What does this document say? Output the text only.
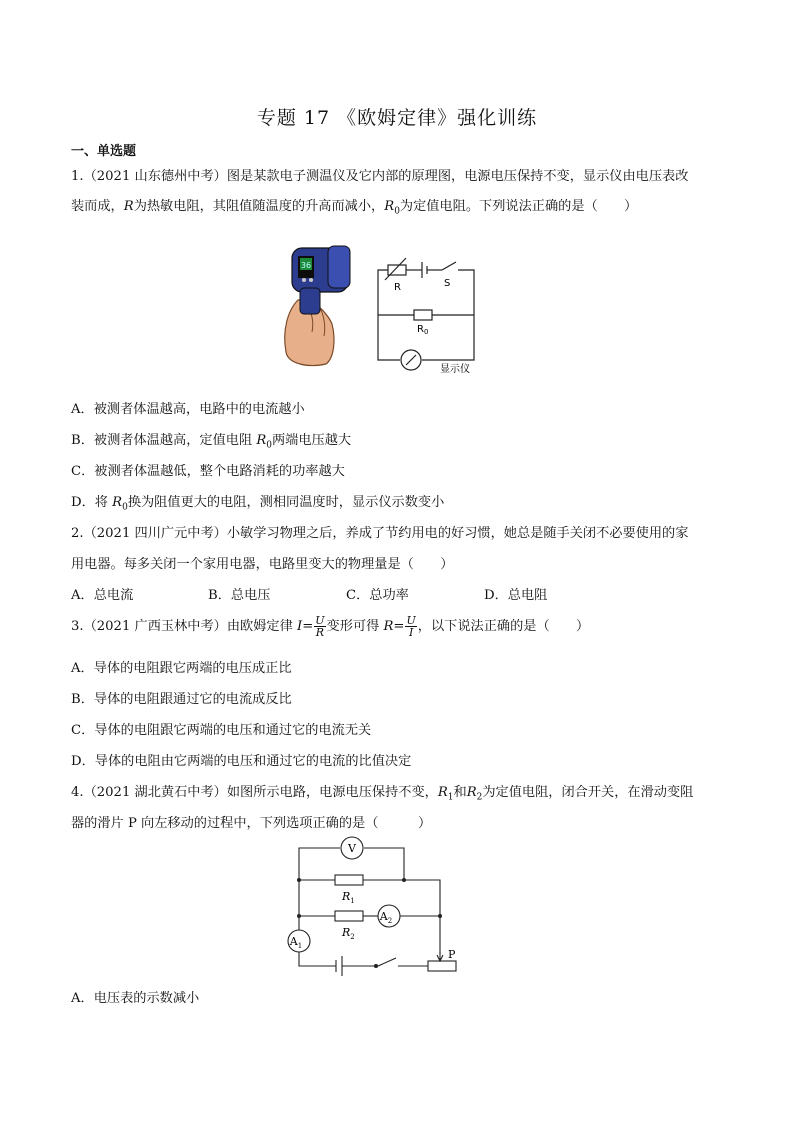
专题 17 《欧姆定律》强化训练
一、单选题
1.（2021 山东德州中考）图是某款电子测温仪及它内部的原理图，电源电压保持不变，显示仪由电压表改
装而成，R为热敏电阻，其阻值随温度的升高而减小，$R_0$为定值电阻。下列说法正确的是（　　）
36
R	S
$R_0$
显示仪
A．被测者体温越高，电路中的电流越小
B．被测者体温越高，定值电阻 $R_0$两端电压越大
C．被测者体温越低，整个电路消耗的功率越大
D．将 $R_0$换为阻值更大的电阻，测相同温度时，显示仪示数变小
2.（2021 四川广元中考）小敏学习物理之后，养成了节约用电的好习惯，她总是随手关闭不必要使用的家
用电器。每多关闭一个家用电器，电路里变大的物理量是（　　）
A．总电流	B．总电压	C．总功率	D．总电阻
3.（2021 广西玉林中考）由欧姆定律 $I= \frac{U}{R}$ 变形可得 $R= \frac{U}{I}$ ，以下说法正确的是（　　）
A．导体的电阻跟它两端的电压成正比
B．导体的电阻跟通过它的电流成反比
C．导体的电阻跟它两端的电压和通过它的电流无关
D．导体的电阻由它两端的电压和通过它的电流的比值决定
4.（2021 湖北黄石中考）如图所示电路，电源电压保持不变，$R_1$和$R_2$为定值电阻，闭合开关，在滑动变阻
器的滑片 P 向左移动的过程中，下列选项正确的是（　　　）
V
$R_1$
$R_2$
$A_2$
$A_1$
P
A．电压表的示数减小
